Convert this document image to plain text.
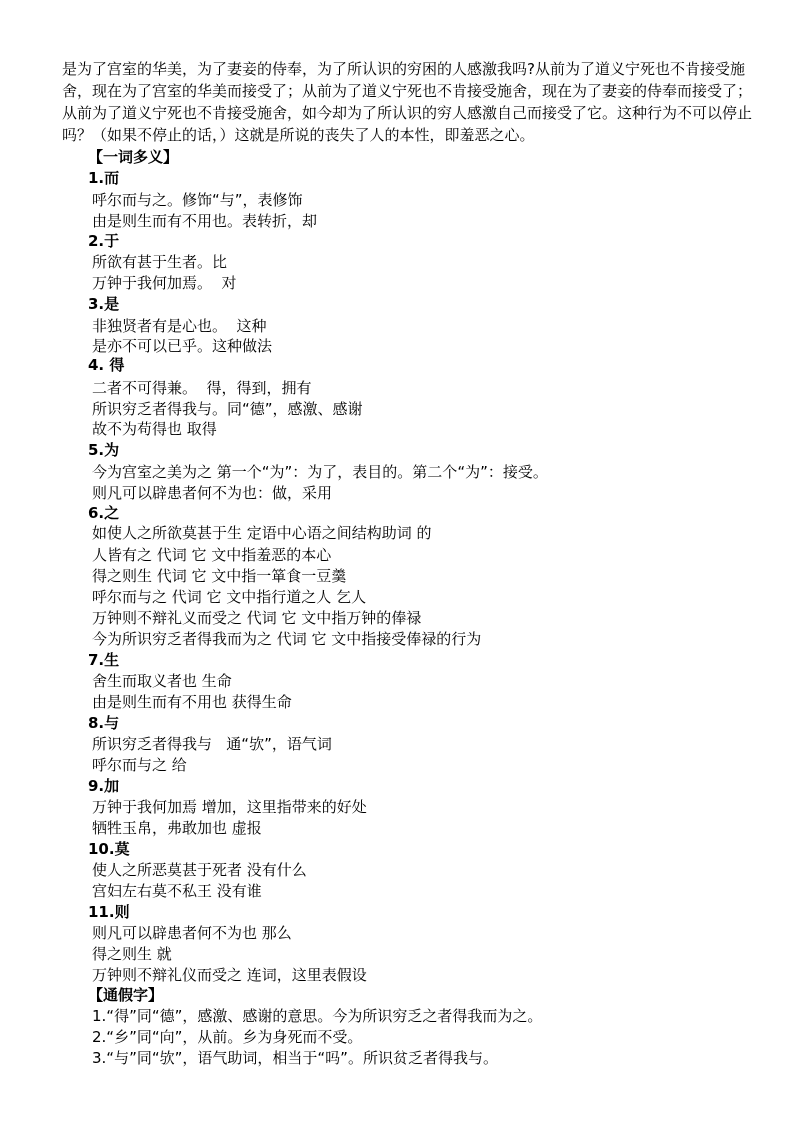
是为了宫室的华美，为了妻妾的侍奉，为了所认识的穷困的人感激我吗?从前为了道义宁死也不肯接受施舍，现在为了宫室的华美而接受了；从前为了道义宁死也不肯接受施舍，现在为了妻妾的侍奉而接受了；从前为了道义宁死也不肯接受施舍，如今却为了所认识的穷人感激自己而接受了它。这种行为不可以停止吗？（如果不停止的话，）这就是所说的丧失了人的本性，即羞恶之心。

【一词多义】
1.而
呼尔而与之。修饰“与”，表修饰
由是则生而有不用也。表转折，却
2.于
所欲有甚于生者。比
万钟于我何加焉。  对
3.是
非独贤者有是心也。  这种
是亦不可以已乎。这种做法
4. 得
二者不可得兼。  得，得到，拥有
所识穷乏者得我与。同“德”，感激、感谢
故不为苟得也 取得
5.为
今为宫室之美为之 第一个“为”：为了，表目的。第二个“为”：接受。
则凡可以辟患者何不为也：做，采用
6.之
如使人之所欲莫甚于生 定语中心语之间结构助词 的
人皆有之 代词 它 文中指羞恶的本心
得之则生 代词 它 文中指一箪食一豆羹
呼尔而与之 代词 它 文中指行道之人 乞人
万钟则不辩礼义而受之 代词 它 文中指万钟的俸禄
今为所识穷乏者得我而为之 代词 它 文中指接受俸禄的行为
7.生
舍生而取义者也 生命
由是则生而有不用也 获得生命
8.与
所识穷乏者得我与   通“欤”，语气词
呼尔而与之 给
9.加
万钟于我何加焉 增加，这里指带来的好处
牺牲玉帛，弗敢加也 虚报
10.莫
使人之所恶莫甚于死者 没有什么
宫妇左右莫不私王 没有谁
11.则
则凡可以辟患者何不为也 那么
得之则生 就
万钟则不辩礼仪而受之 连词，这里表假设
【通假字】
1.“得”同“德”，感激、感谢的意思。今为所识穷乏之者得我而为之。
2.“乡”同“向”，从前。乡为身死而不受。
3.“与”同“欤”，语气助词，相当于“吗”。所识贫乏者得我与。
